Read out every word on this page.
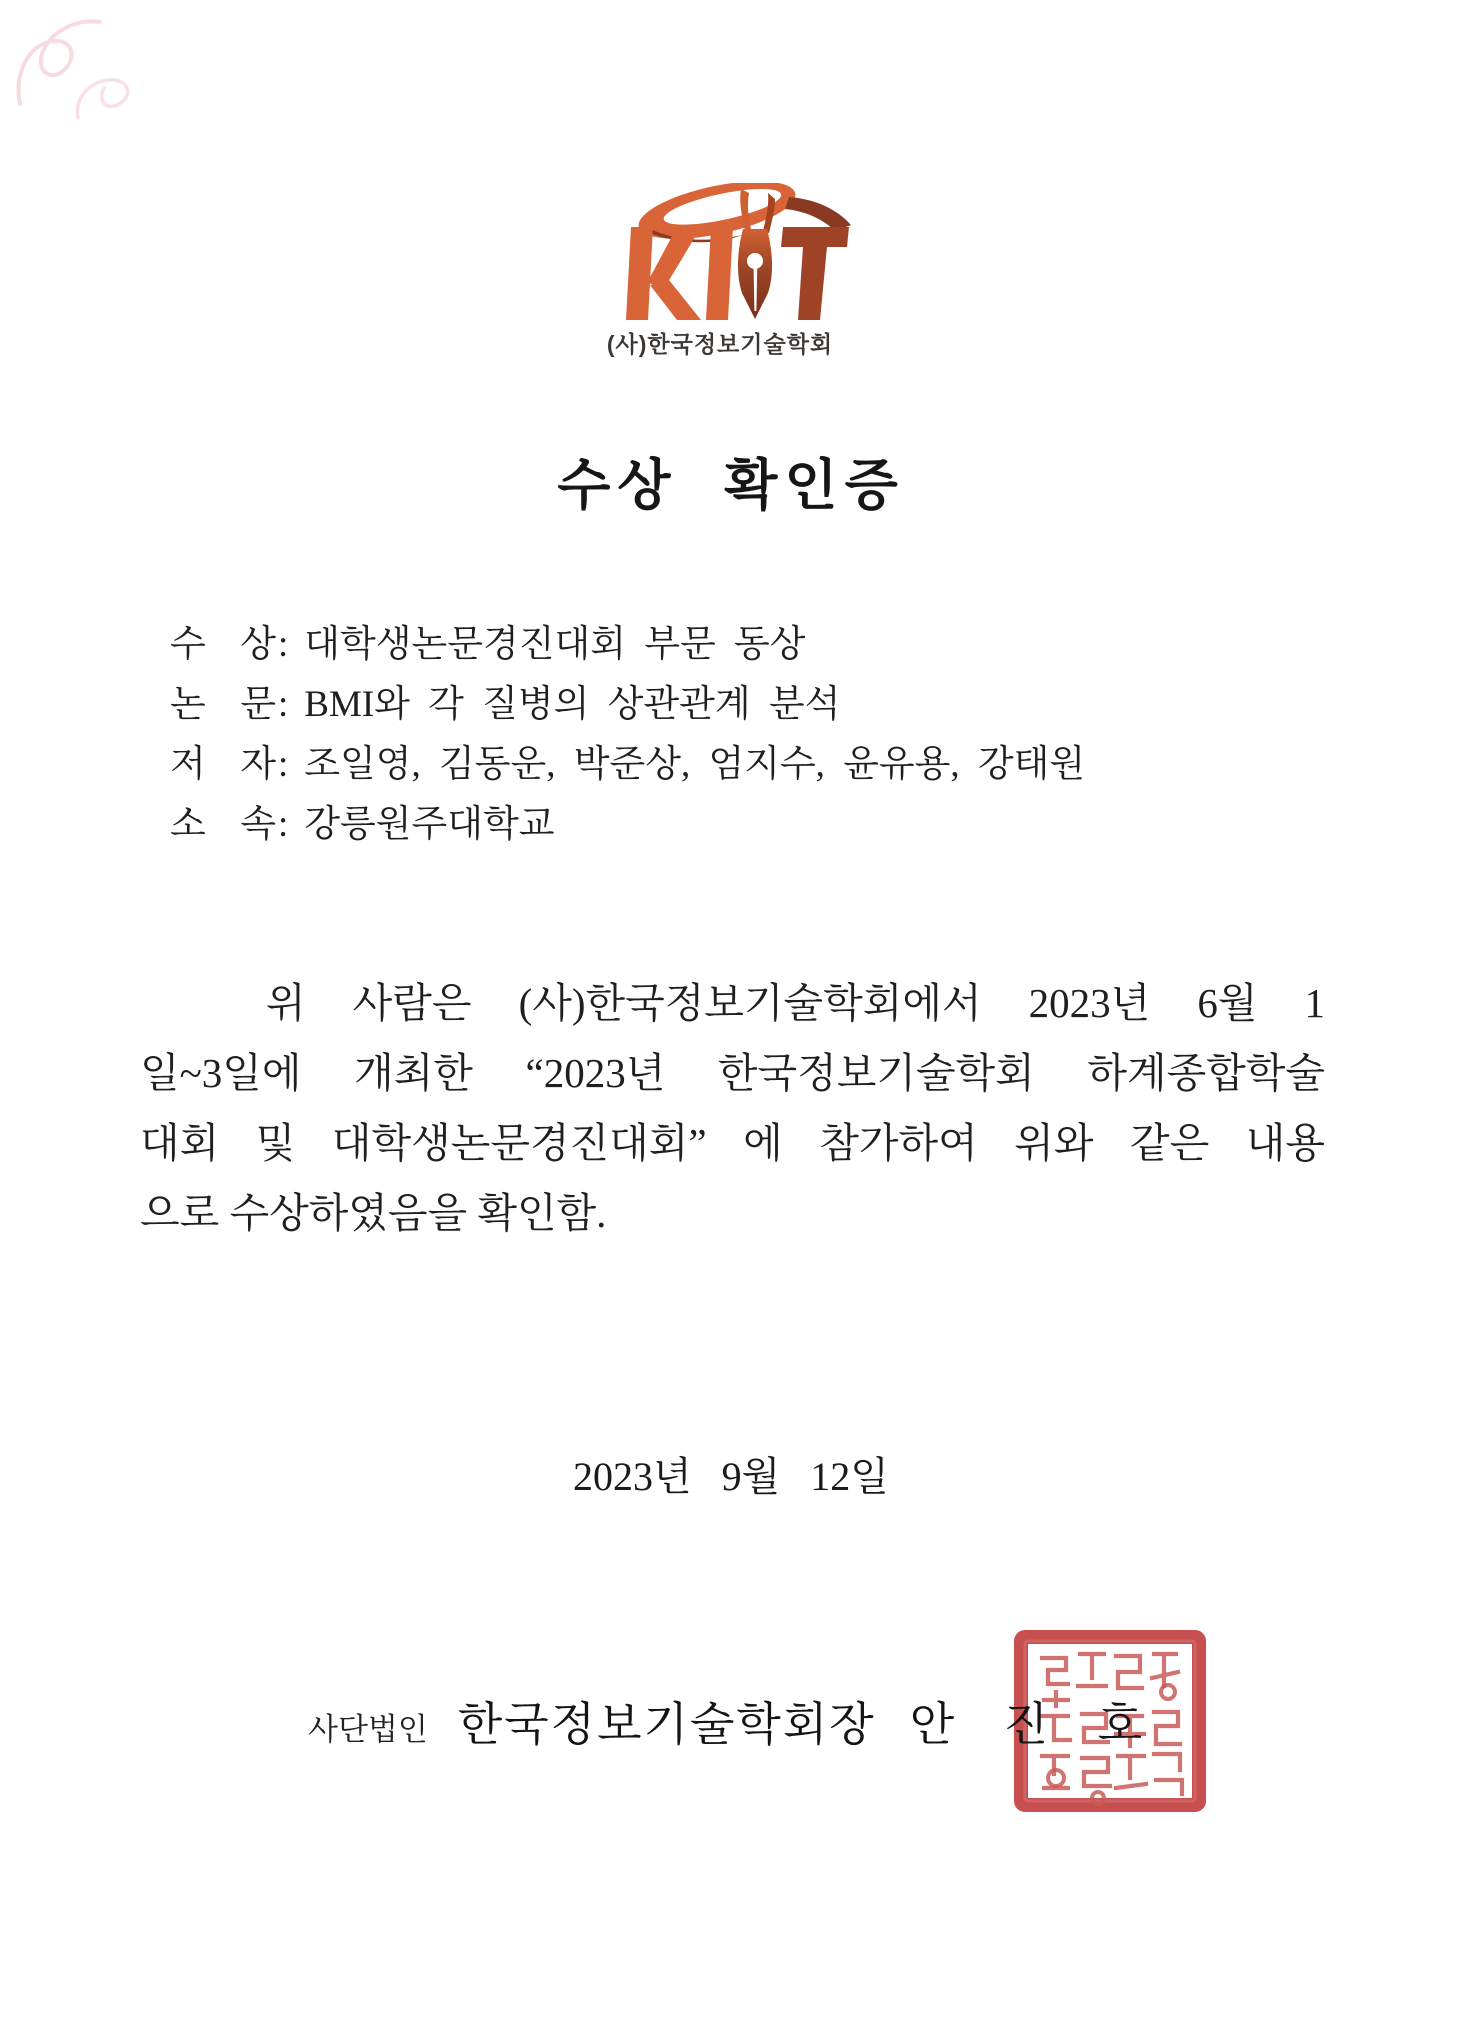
(사)한국정보기술학회
수상 확인증
수 상: 대학생논문경진대회 부문 동상
논 문: BMI와 각 질병의 상관관계 분석
저 자: 조일영, 김동운, 박준상, 엄지수, 윤유용, 강태원
소 속: 강릉원주대학교
위 사람은 (사)한국정보기술학회에서 2023년 6월 1
일~3일에 개최한 “2023년 한국정보기술학회 하계종합학술
대회 및 대학생논문경진대회” 에 참가하여 위와 같은 내용
으로 수상하였음을 확인함.
2023년 9월 12일
사단법인 한국정보기술학회장 안 진 호
